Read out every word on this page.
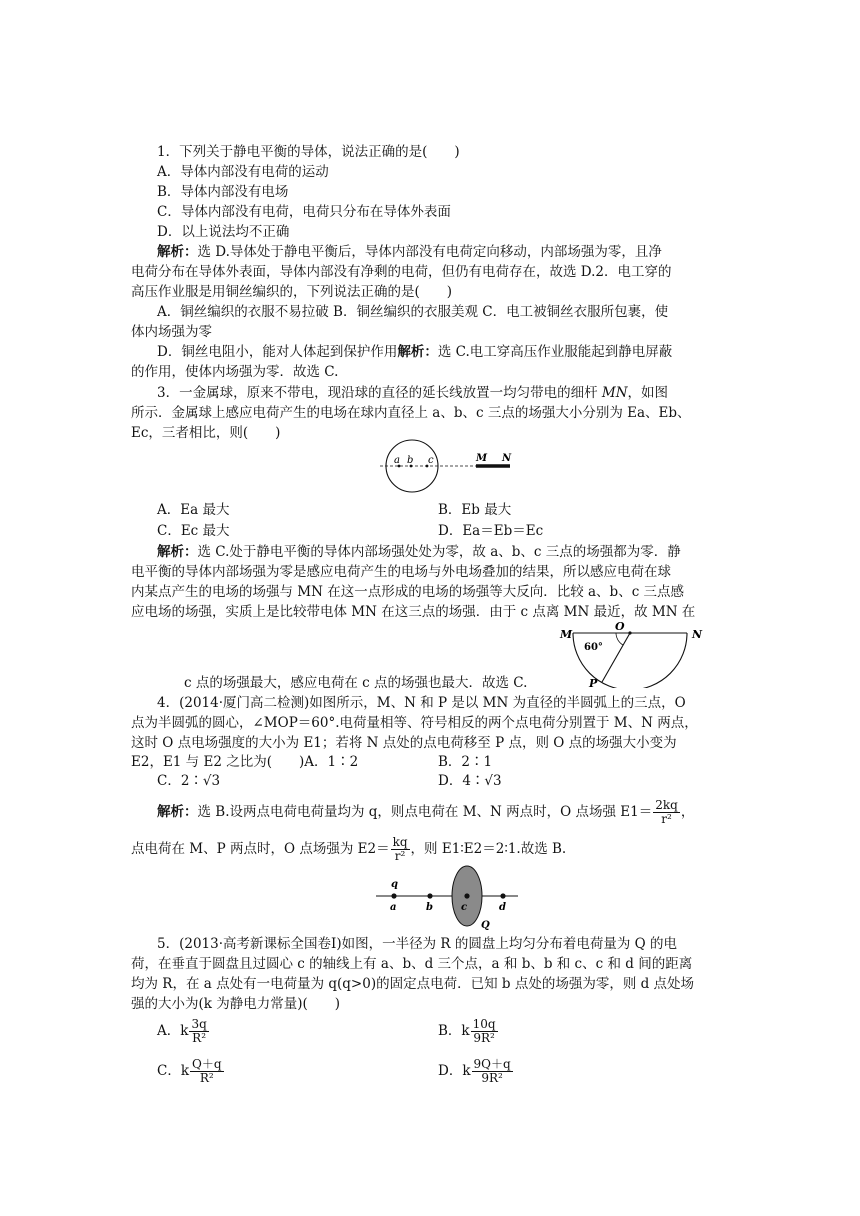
1．下列关于静电平衡的导体，说法正确的是(　　)
A．导体内部没有电荷的运动
B．导体内部没有电场
C．导体内部没有电荷，电荷只分布在导体外表面
D．以上说法均不正确
解析：选 D.导体处于静电平衡后，导体内部没有电荷定向移动，内部场强为零，且净
电荷分布在导体外表面，导体内部没有净剩的电荷，但仍有电荷存在，故选 D.2．电工穿的
高压作业服是用铜丝编织的，下列说法正确的是(　　)
A．铜丝编织的衣服不易拉破 B．铜丝编织的衣服美观 C．电工被铜丝衣服所包裹，使
体内场强为零
D．铜丝电阻小，能对人体起到保护作用解析：选 C.电工穿高压作业服能起到静电屏蔽
的作用，使体内场强为零．故选 C.
3．一金属球，原来不带电，现沿球的直径的延长线放置一均匀带电的细杆 MN，如图
所示．金属球上感应电荷产生的电场在球内直径上 a、b、c 三点的场强大小分别为 Ea、Eb、
Ec，三者相比，则(　　)
a b c	M N
A．Ea 最大	B．Eb 最大
C．Ec 最大	D．Ea＝Eb＝Ec
解析：选 C.处于静电平衡的导体内部场强处处为零，故 a、b、c 三点的场强都为零．静
电平衡的导体内部场强为零是感应电荷产生的电场与外电场叠加的结果，所以感应电荷在球
内某点产生的电场的场强与 MN 在这一点形成的电场的场强等大反向．比较 a、b、c 三点感
应电场的场强，实质上是比较带电体 MN 在这三点的场强．由于 c 点离 MN 最近，故 MN 在
M	N
O
60°
P
c 点的场强最大，感应电荷在 c 点的场强也最大．故选 C.
4．(2014·厦门高二检测)如图所示，M、N 和 P 是以 MN 为直径的半圆弧上的三点，O
点为半圆弧的圆心，∠MOP＝60°.电荷量相等、符号相反的两个点电荷分别置于 M、N 两点，
这时 O 点电场强度的大小为 E1；若将 N 点处的点电荷移至 P 点，则 O 点的场强大小变为
E2，E1 与 E2 之比为(　　)A．1∶2	B．2∶1
C．2∶√3	D．4∶√3
解析：选 B.设两点电荷电荷量均为 q，则点电荷在 M、N 两点时，O 点场强 $E1= \frac{2kq}{\text{r²}}$ ，
点电荷在 M、P 两点时，O 点场强为 $E2= \frac{kq}{\text{r²}}$ ，则 E1∶E2＝2∶1.故选 B.
q
a	b	c	d
Q
5．(2013·高考新课标全国卷Ⅰ)如图，一半径为 R 的圆盘上均匀分布着电荷量为 Q 的电
荷，在垂直于圆盘且过圆心 c 的轴线上有 a、b、d 三个点，a 和 b、b 和 c、c 和 d 间的距离
均为 R，在 a 点处有一电荷量为 q(q>0)的固定点电荷．已知 b 点处的场强为零，则 d 点处场
强的大小为(k 为静电力常量)(　　)
A．k $\frac{3q}{\text{R²}}$	B．k $\frac{10q}{\text{9R²}}$
C．k $\frac{Q+q}{\text{R²}}$	D．k $\frac{9Q+q}{\text{9R²}}$
